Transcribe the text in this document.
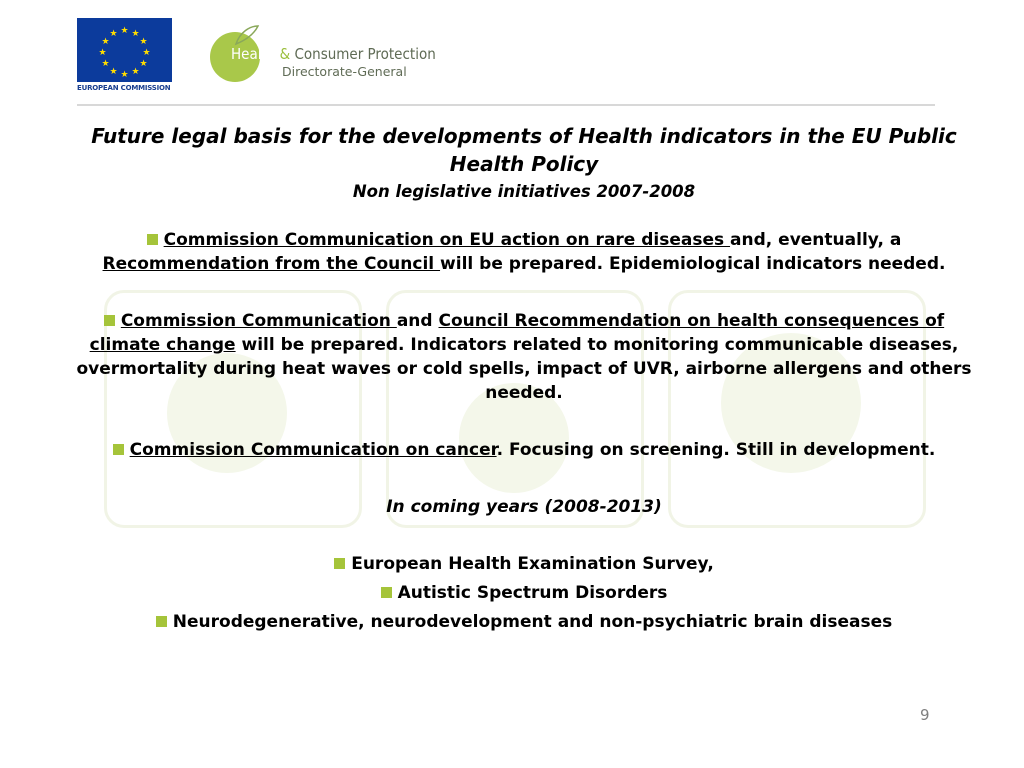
★ ★
★
★
★
★
★
★
★
★
★
★
EUROPEAN COMMISSION
Health & Consumer Protection
Directorate-General

Future legal basis for the developments of Health indicators in the EU Public Health Policy

Non legislative initiatives 2007-2008

Commission Communication on EU action on rare diseases and, eventually, a Recommendation from the Council will be prepared. Epidemiological indicators needed.

Commission Communication and Council Recommendation on health consequences of climate change will be prepared. Indicators related to monitoring communicable diseases, overmortality during heat waves or cold spells, impact of UVR, airborne allergens and others needed.

Commission Communication on cancer. Focusing on screening. Still in development.

In coming years (2008-2013)

European Health Examination Survey,

Autistic Spectrum Disorders

Neurodegenerative, neurodevelopment and non-psychiatric brain diseases

9
